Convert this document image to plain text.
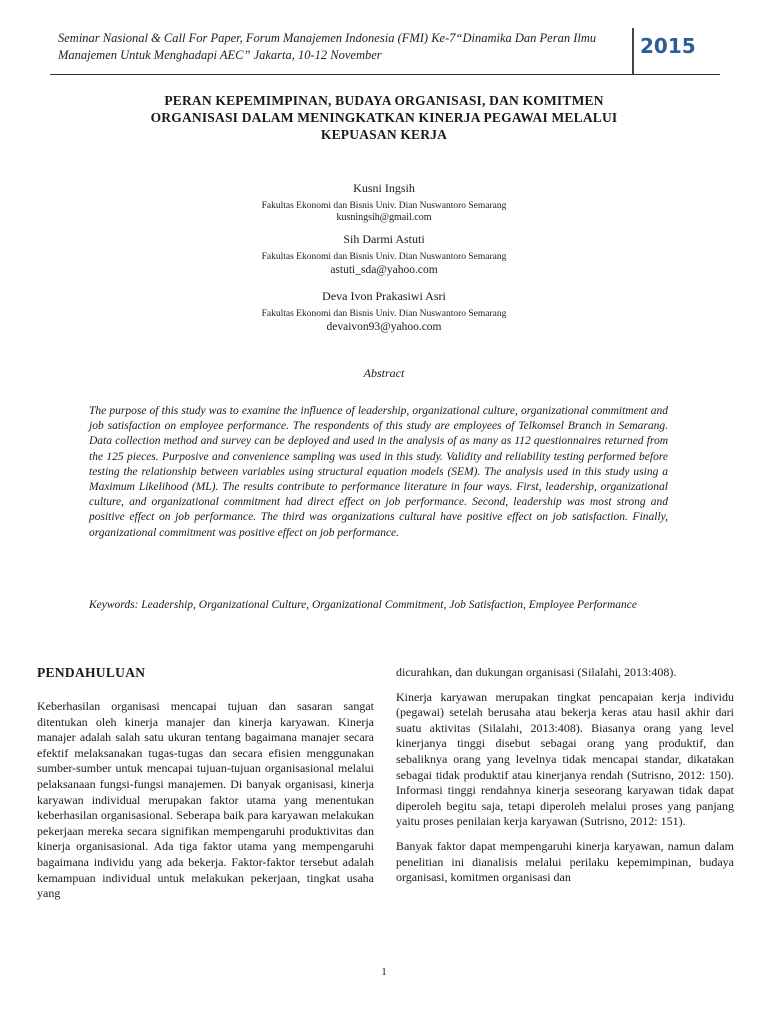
Seminar Nasional & Call For Paper, Forum Manajemen Indonesia (FMI) Ke-7“Dinamika Dan Peran Ilmu
Manajemen Untuk Menghadapi AEC” Jakarta, 10-12 November	2015
PERAN KEPEMIMPINAN, BUDAYA ORGANISASI, DAN KOMITMEN
ORGANISASI DALAM MENINGKATKAN KINERJA PEGAWAI MELALUI
KEPUASAN KERJA
Kusni Ingsih
Fakultas Ekonomi dan Bisnis Univ. Dian Nuswantoro Semarang
kusningsih@gmail.com
Sih Darmi Astuti
Fakultas Ekonomi dan Bisnis Univ. Dian Nuswantoro Semarang
astuti_sda@yahoo.com
Deva Ivon Prakasiwi Asri
Fakultas Ekonomi dan Bisnis Univ. Dian Nuswantoro Semarang
devaivon93@yahoo.com
Abstract
The purpose of this study was to examine the influence of leadership, organizational culture, organizational commitment and job satisfaction on employee performance. The respondents of this study are employees of Telkomsel Branch in Semarang. Data collection method and survey can be deployed and used in the analysis of as many as 112 questionnaires returned from the 125 pieces. Purposive and convenience sampling was used in this study. Validity and reliability testing performed before testing the relationship between variables using structural equation models (SEM). The analysis used in this study using a Maximum Likelihood (ML). The results contribute to performance literature in four ways. First, leadership, organizational culture, and organizational commitment had direct effect on job performance. Second, leadership was most strong and positive effect on job performance. The third was organizations cultural have positive effect on job satisfaction. Finally, organizational commitment was positive effect on job performance.
Keywords: Leadership, Organizational Culture, Organizational Commitment, Job Satisfaction, Employee Performance
PENDAHULUAN

Keberhasilan organisasi mencapai tujuan dan sasaran sangat ditentukan oleh kinerja manajer dan kinerja karyawan. Kinerja manajer adalah salah satu ukuran tentang bagaimana manajer secara efektif melaksanakan tugas-tugas dan secara efisien menggunakan sumber-sumber untuk mencapai tujuan-tujuan organisasional melalui pelaksanaan fungsi-fungsi manajemen. Di banyak organisasi, kinerja karyawan individual merupakan faktor utama yang menentukan keberhasilan organisasional. Seberapa baik para karyawan melakukan pekerjaan mereka secara signifikan mempengaruhi produktivitas dan kinerja organisasional. Ada tiga faktor utama yang mempengaruhi bagaimana individu yang ada bekerja. Faktor-faktor tersebut adalah kemampuan individual untuk melakukan pekerjaan, tingkat usaha yang

dicurahkan, dan dukungan organisasi (Silalahi, 2013:408).

Kinerja karyawan merupakan tingkat pencapaian kerja individu (pegawai) setelah berusaha atau bekerja keras atau hasil akhir dari suatu aktivitas (Silalahi, 2013:408). Biasanya orang yang level kinerjanya tinggi disebut sebagai orang yang produktif, dan sebaliknya orang yang levelnya tidak mencapai standar, dikatakan sebagai tidak produktif atau kinerjanya rendah (Sutrisno, 2012: 150). Informasi tinggi rendahnya kinerja seseorang karyawan tidak dapat diperoleh begitu saja, tetapi diperoleh melalui proses yang panjang yaitu proses penilaian kerja karyawan (Sutrisno, 2012: 151).

Banyak faktor dapat mempengaruhi kinerja karyawan, namun dalam penelitian ini dianalisis melalui perilaku kepemimpinan, budaya organisasi, komitmen organisasi dan

1
